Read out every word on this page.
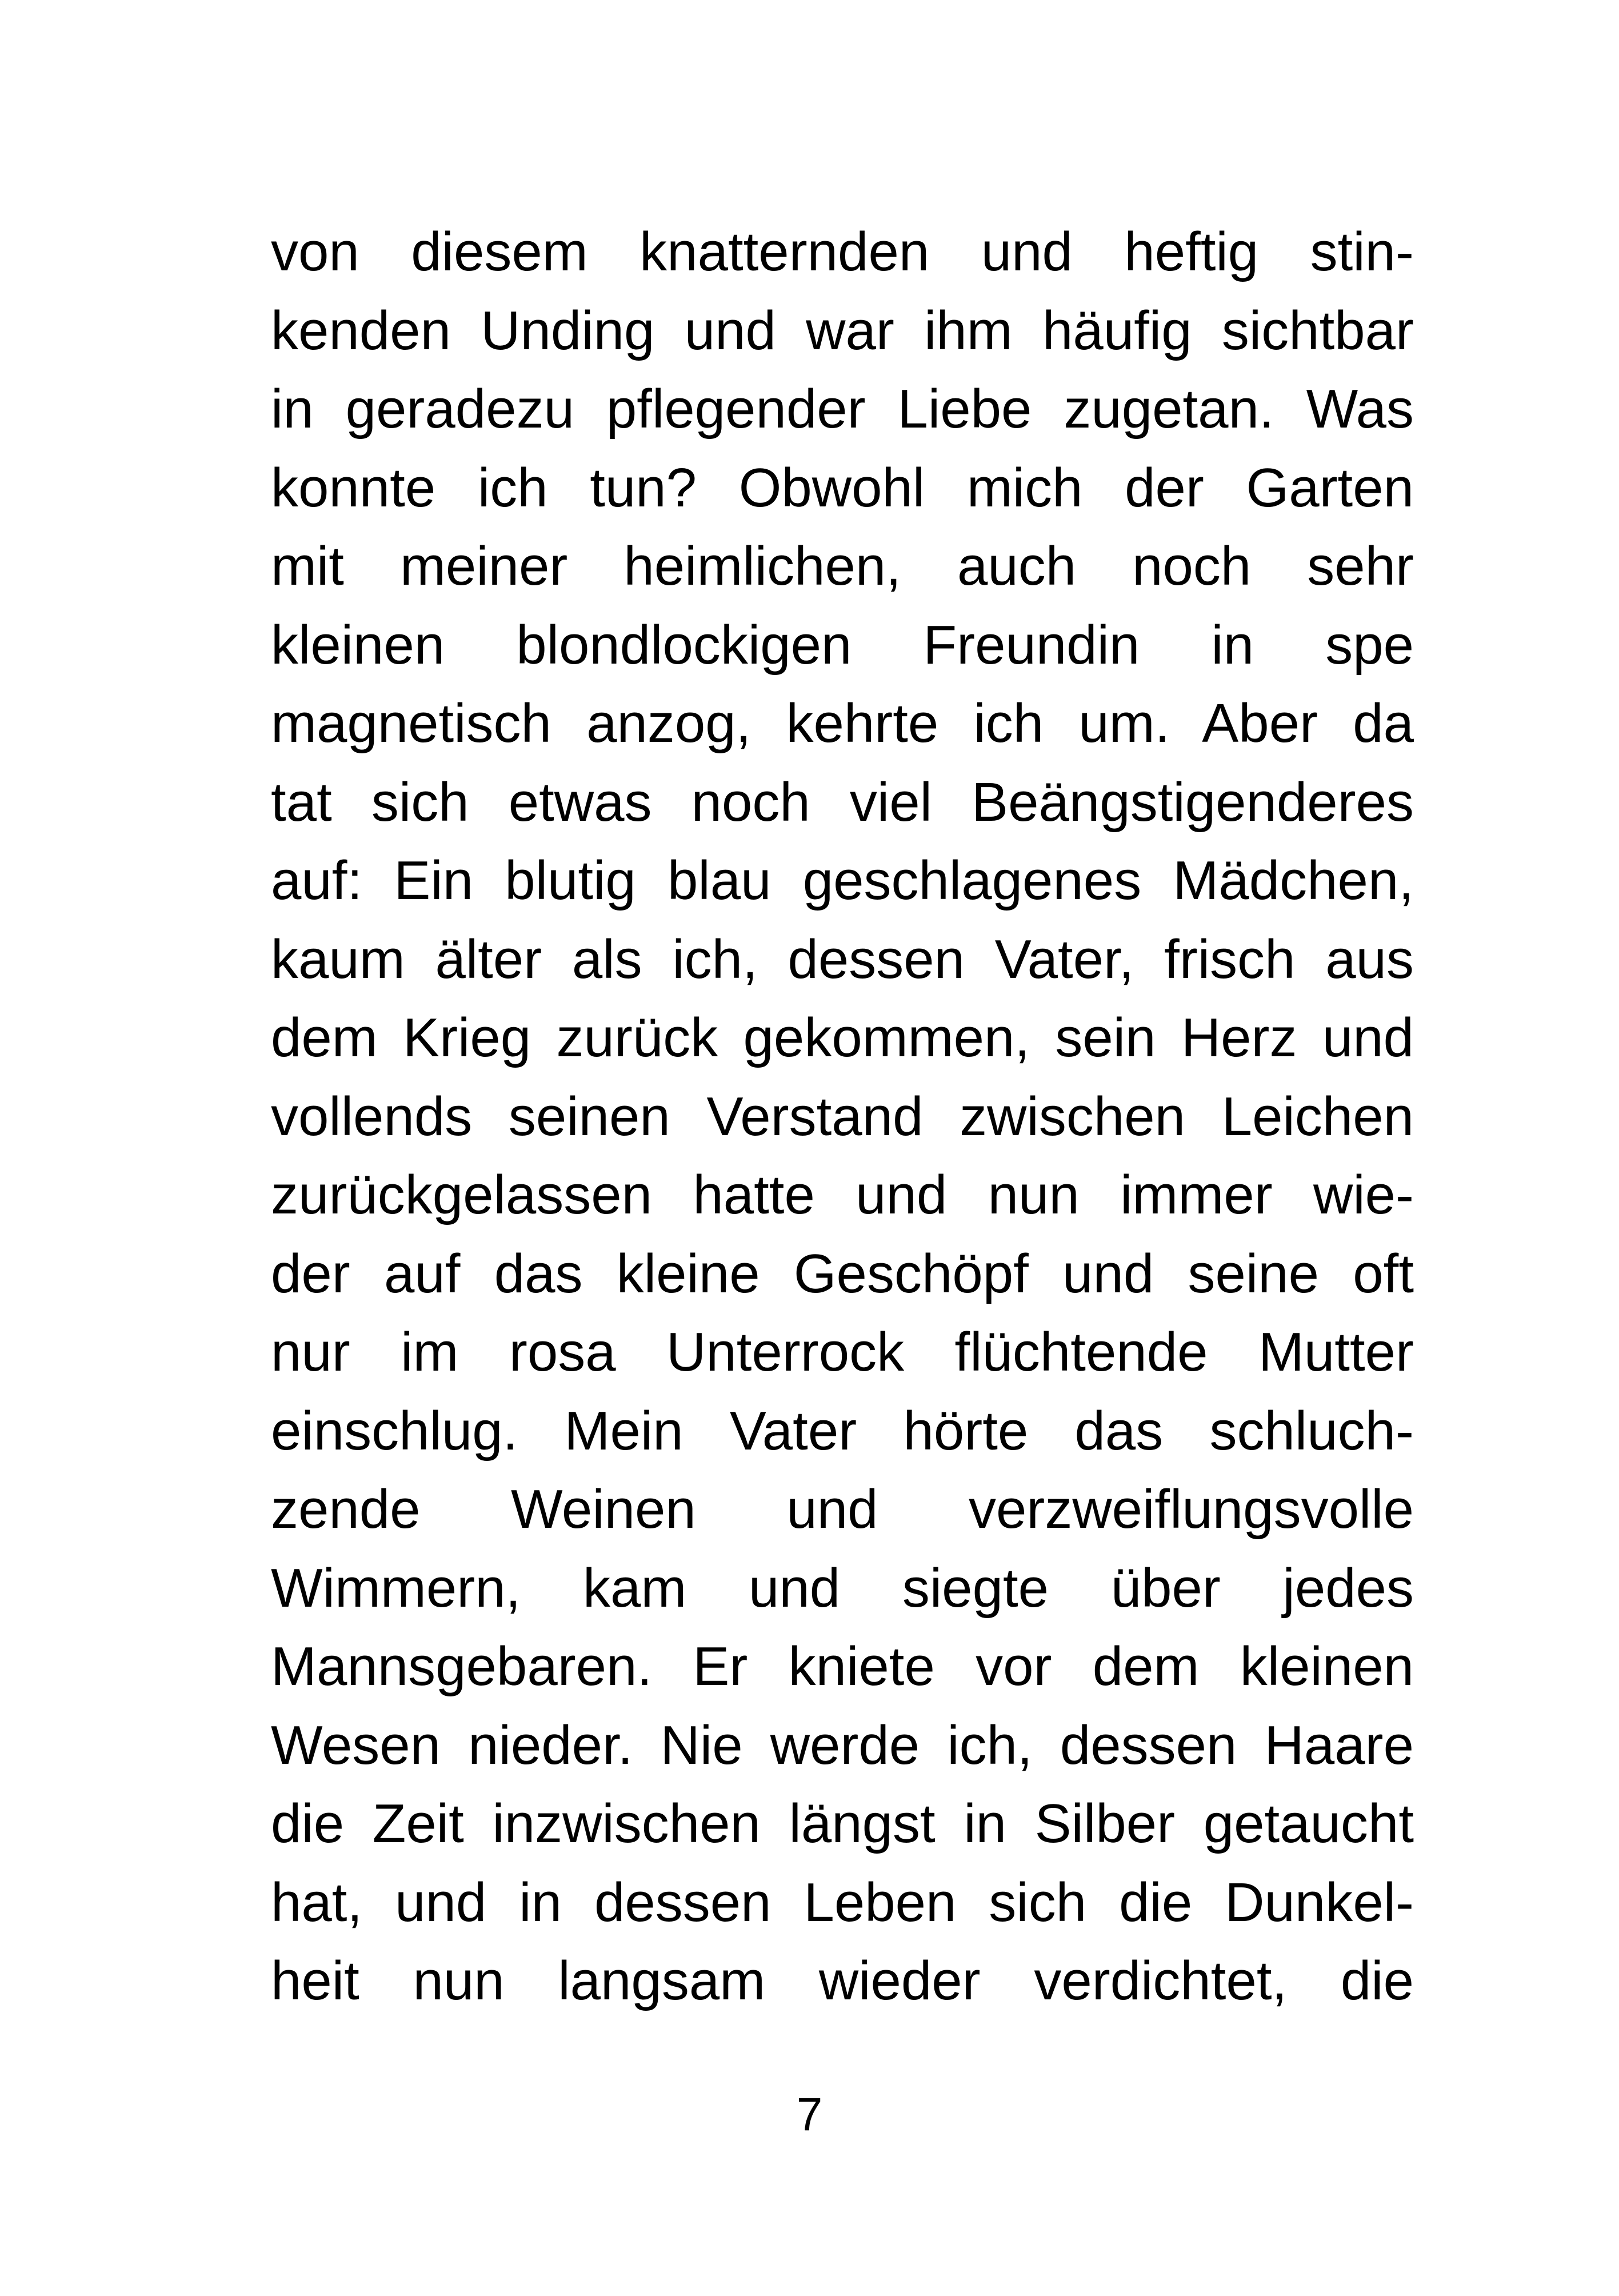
von diesem knatternden und heftig stin-
kenden Unding und war ihm häufig sichtbar
in geradezu pflegender Liebe zugetan. Was
konnte ich tun? Obwohl mich der Garten
mit meiner heimlichen, auch noch sehr
kleinen blondlockigen Freundin in spe
magnetisch anzog, kehrte ich um. Aber da
tat sich etwas noch viel Beängstigenderes
auf: Ein blutig blau geschlagenes Mädchen,
kaum älter als ich, dessen Vater, frisch aus
dem Krieg zurück gekommen, sein Herz und
vollends seinen Verstand zwischen Leichen
zurückgelassen hatte und nun immer wie-
der auf das kleine Geschöpf und seine oft
nur im rosa Unterrock flüchtende Mutter
einschlug. Mein Vater hörte das schluch-
zende Weinen und verzweiflungsvolle
Wimmern, kam und siegte über jedes
Mannsgebaren. Er kniete vor dem kleinen
Wesen nieder. Nie werde ich, dessen Haare
die Zeit inzwischen längst in Silber getaucht
hat, und in dessen Leben sich die Dunkel-
heit nun langsam wieder verdichtet, die
7
